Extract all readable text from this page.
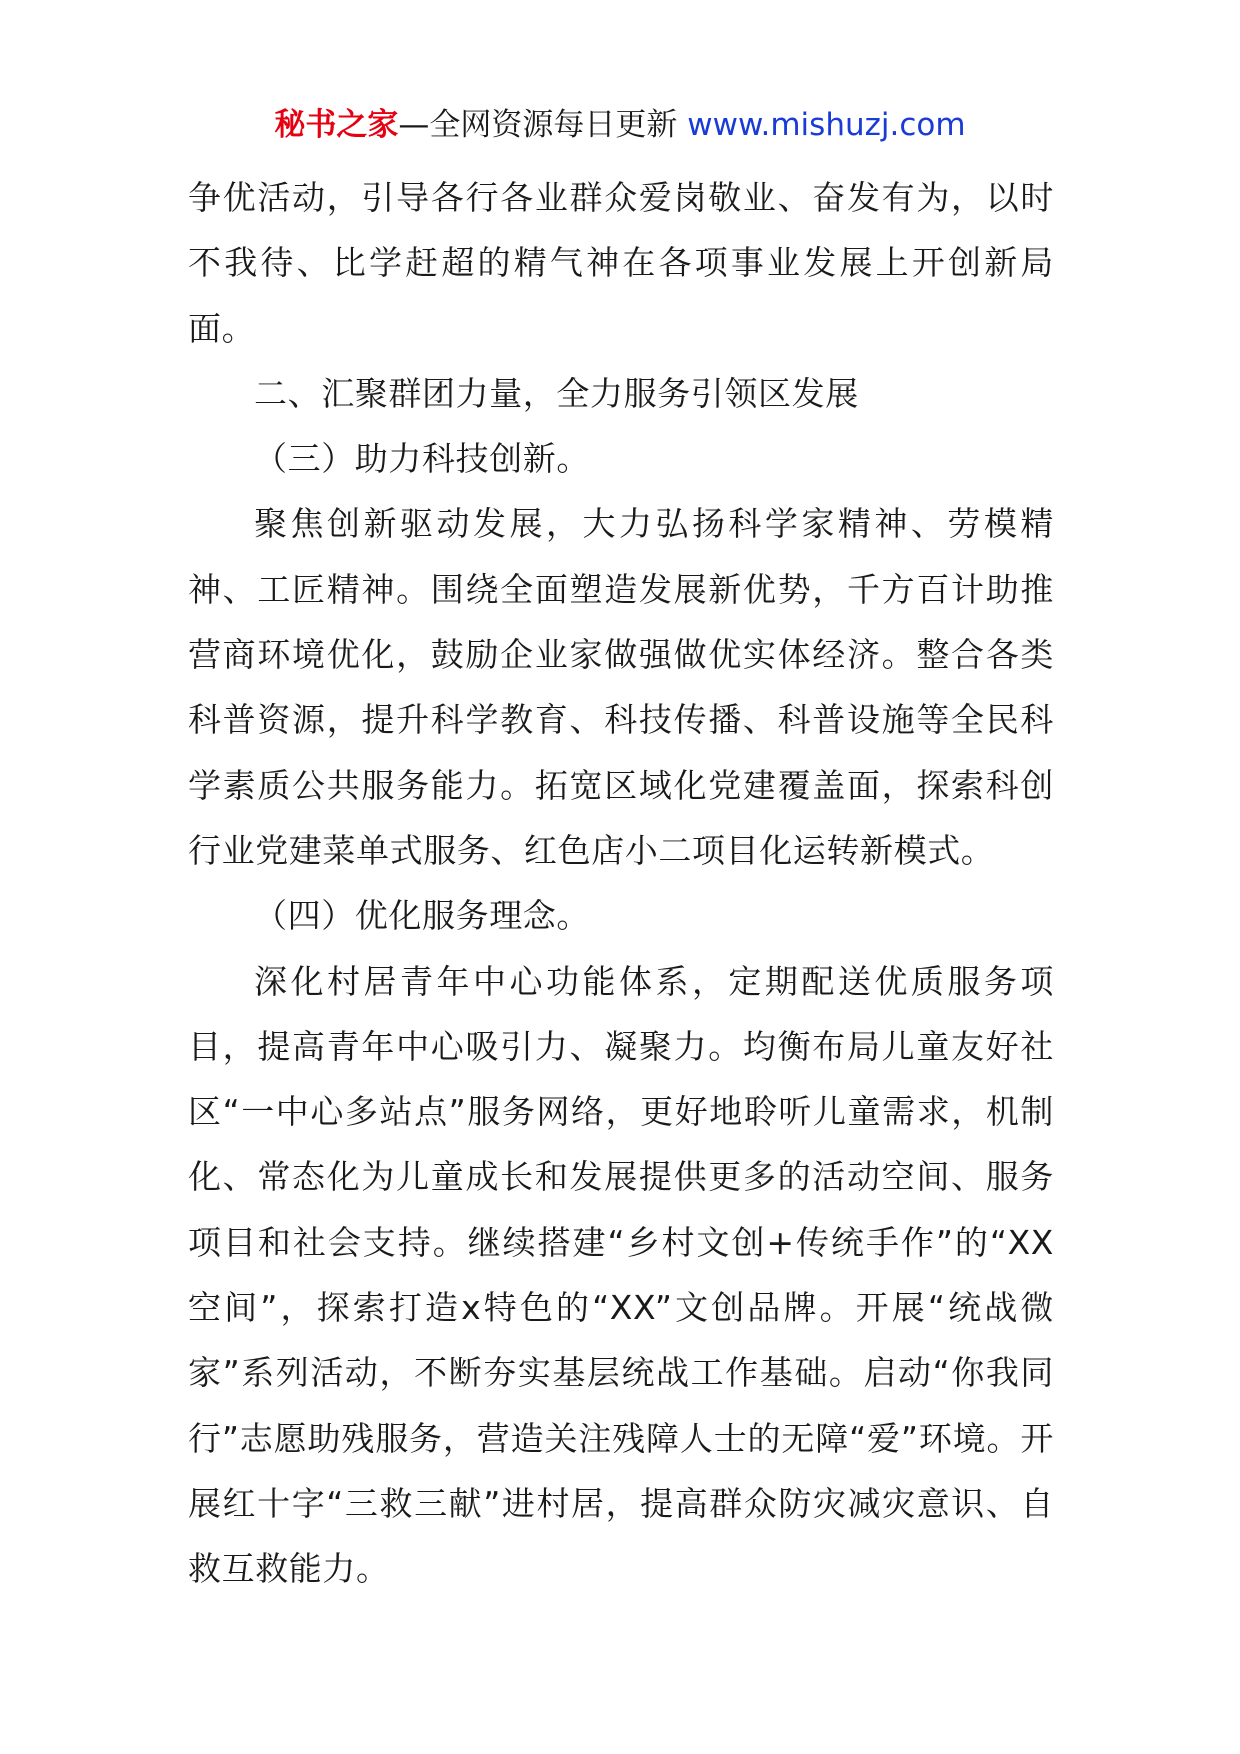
秘书之家—全网资源每日更新 www.mishuzj.com

争优活动，引导各行各业群众爱岗敬业、奋发有为，以时不我待、比学赶超的精气神在各项事业发展上开创新局面。

二、汇聚群团力量，全力服务引领区发展

（三）助力科技创新。

聚焦创新驱动发展，大力弘扬科学家精神、劳模精神、工匠精神。围绕全面塑造发展新优势，千方百计助推营商环境优化，鼓励企业家做强做优实体经济。整合各类科普资源，提升科学教育、科技传播、科普设施等全民科学素质公共服务能力。拓宽区域化党建覆盖面，探索科创行业党建菜单式服务、红色店小二项目化运转新模式。

（四）优化服务理念。

深化村居青年中心功能体系，定期配送优质服务项目，提高青年中心吸引力、凝聚力。均衡布局儿童友好社区“一中心多站点”服务网络，更好地聆听儿童需求，机制化、常态化为儿童成长和发展提供更多的活动空间、服务项目和社会支持。继续搭建“乡村文创+传统手作”的“XX空间”，探索打造x特色的“XX”文创品牌。开展“统战微家”系列活动，不断夯实基层统战工作基础。启动“你我同行”志愿助残服务，营造关注残障人士的无障“爱”环境。开展红十字“三救三献”进村居，提高群众防灾减灾意识、自救互救能力。
